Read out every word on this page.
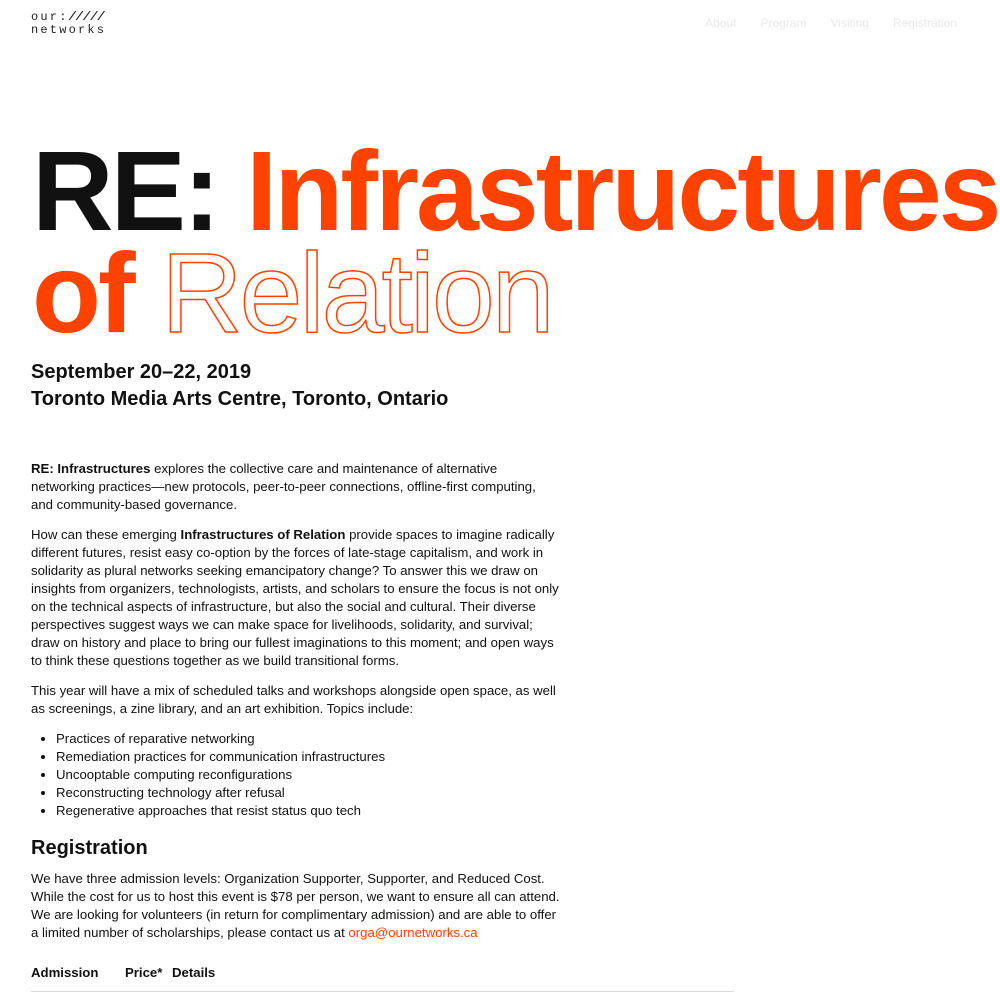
our://///
networks	About Program Visiting Registration
RE: Infrastructures
of Relation
September 20–22, 2019
Toronto Media Arts Centre, Toronto, Ontario

RE: Infrastructures explores the collective care and maintenance of alternative networking practices—new protocols, peer-to-peer connections, offline-first computing, and community-based governance.

How can these emerging Infrastructures of Relation provide spaces to imagine radically different futures, resist easy co-option by the forces of late-stage capitalism, and work in solidarity as plural networks seeking emancipatory change? To answer this we draw on insights from organizers, technologists, artists, and scholars to ensure the focus is not only on the technical aspects of infrastructure, but also the social and cultural. Their diverse perspectives suggest ways we can make space for livelihoods, solidarity, and survival; draw on history and place to bring our fullest imaginations to this moment; and open ways to think these questions together as we build transitional forms.

This year will have a mix of scheduled talks and workshops alongside open space, as well as screenings, a zine library, and an art exhibition. Topics include:

• Practices of reparative networking
• Remediation practices for communication infrastructures
• Uncooptable computing reconfigurations
• Reconstructing technology after refusal
• Regenerative approaches that resist status quo tech
Registration

We have three admission levels: Organization Supporter, Supporter, and Reduced Cost. While the cost for us to host this event is $78 per person, we want to ensure all can attend. We are looking for volunteers (in return for complimentary admission) and are able to offer a limited number of scholarships, please contact us at orga@ournetworks.ca

Admission	Price* Details
